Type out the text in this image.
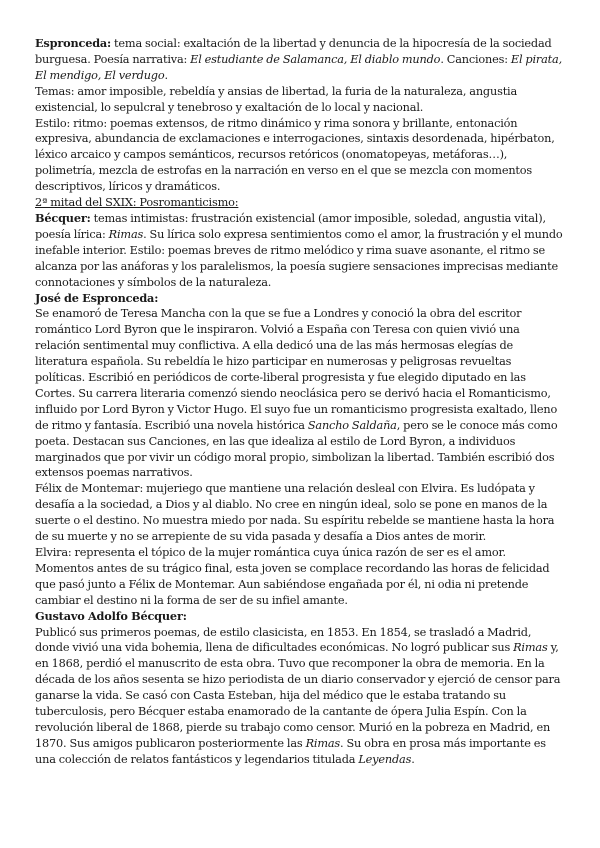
Espronceda: tema social: exaltación de la libertad y denuncia de la hipocresía de la sociedad burguesa. Poesía narrativa: El estudiante de Salamanca, El diablo mundo. Canciones: El pirata, El mendigo, El verdugo.

Temas: amor imposible, rebeldía y ansias de libertad, la furia de la naturaleza, angustia existencial, lo sepulcral y tenebroso y exaltación de lo local y nacional.

Estilo: ritmo: poemas extensos, de ritmo dinámico y rima sonora y brillante, entonación expresiva, abundancia de exclamaciones e interrogaciones, sintaxis desordenada, hipérbaton, léxico arcaico y campos semánticos, recursos retóricos (onomatopeyas, metáforas…), polimetría, mezcla de estrofas en la narración en verso en el que se mezcla con momentos descriptivos, líricos y dramáticos.

2ª mitad del SXIX: Posromanticismo:

Bécquer: temas intimistas: frustración existencial (amor imposible, soledad, angustia vital), poesía lírica: Rimas. Su lírica solo expresa sentimientos como el amor, la frustración y el mundo inefable interior. Estilo: poemas breves de ritmo melódico y rima suave asonante, el ritmo se alcanza por las anáforas y los paralelismos, la poesía sugiere sensaciones imprecisas mediante connotaciones y símbolos de la naturaleza.

José de Espronceda:

Se enamoró de Teresa Mancha con la que se fue a Londres y conoció la obra del escritor romántico Lord Byron que le inspiraron. Volvió a España con Teresa con quien vivió una relación sentimental muy conflictiva. A ella dedicó una de las más hermosas elegías de literatura española. Su rebeldía le hizo participar en numerosas y peligrosas revueltas políticas. Escribió en periódicos de corte-liberal progresista y fue elegido diputado en las Cortes. Su carrera literaria comenzó siendo neoclásica pero se derivó hacia el Romanticismo, influido por Lord Byron y Victor Hugo. El suyo fue un romanticismo progresista exaltado, lleno de ritmo y fantasía. Escribió una novela histórica Sancho Saldaña, pero se le conoce más como poeta. Destacan sus Canciones, en las que idealiza al estilo de Lord Byron, a individuos marginados que por vivir un código moral propio, simbolizan la libertad. También escribió dos extensos poemas narrativos.

Félix de Montemar: mujeriego que mantiene una relación desleal con Elvira. Es ludópata y desafía a la sociedad, a Dios y al diablo. No cree en ningún ideal, solo se pone en manos de la suerte o el destino. No muestra miedo por nada. Su espíritu rebelde se mantiene hasta la hora de su muerte y no se arrepiente de su vida pasada y desafía a Dios antes de morir.

Elvira: representa el tópico de la mujer romántica cuya única razón de ser es el amor. Momentos antes de su trágico final, esta joven se complace recordando las horas de felicidad que pasó junto a Félix de Montemar. Aun sabiéndose engañada por él, ni odia ni pretende cambiar el destino ni la forma de ser de su infiel amante.

Gustavo Adolfo Bécquer:

Publicó sus primeros poemas, de estilo clasicista, en 1853. En 1854, se trasladó a Madrid, donde vivió una vida bohemia, llena de dificultades económicas. No logró publicar sus Rimas y, en 1868, perdió el manuscrito de esta obra. Tuvo que recomponer la obra de memoria. En la década de los años sesenta se hizo periodista de un diario conservador y ejerció de censor para ganarse la vida. Se casó con Casta Esteban, hija del médico que le estaba tratando su tuberculosis, pero Bécquer estaba enamorado de la cantante de ópera Julia Espín. Con la revolución liberal de 1868, pierde su trabajo como censor. Murió en la pobreza en Madrid, en 1870. Sus amigos publicaron posteriormente las Rimas. Su obra en prosa más importante es una colección de relatos fantásticos y legendarios titulada Leyendas.
